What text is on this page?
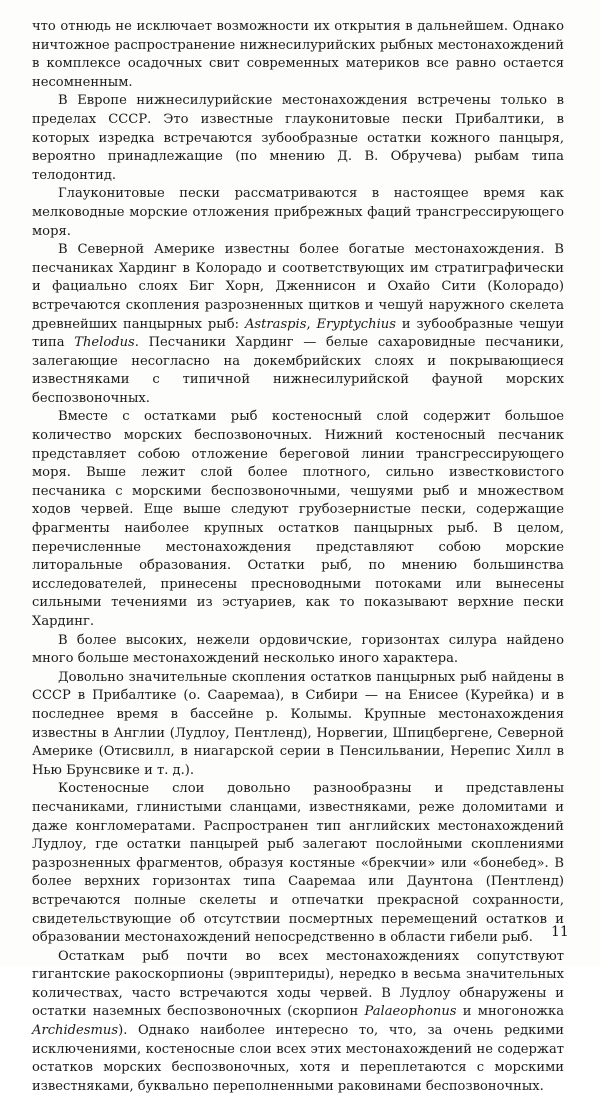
что отнюдь не исключает возможности их открытия в дальнейшем. Однако ничтожное распространение нижнесилурийских рыбных местонахождений в комплексе осадочных свит современных материков все равно остается несомненным.

В Европе нижнесилурийские местонахождения встречены только в пределах СССР. Это известные глауконитовые пески Прибалтики, в которых изредка встречаются зубообразные остатки кожного панцыря, вероятно принадлежащие (по мнению Д. В. Обручева) рыбам типа телодонтид.

Глауконитовые пески рассматриваются в настоящее время как мелководные морские отложения прибрежных фаций трансгрессирующего моря.

В Северной Америке известны более богатые местонахождения. В песчаниках Хардинг в Колорадо и соответствующих им стратиграфически и фациально слоях Биг Хорн, Дженнисон и Охайо Сити (Колорадо) встречаются скопления разрозненных щитков и чешуй наружного скелета древнейших панцырных рыб: Astraspis, Eryptychius и зубообразные чешуи типа Thelodus. Песчаники Хардинг — белые сахаровидные песчаники, залегающие несогласно на докембрийских слоях и покрывающиеся известняками с типичной нижнесилурийской фауной морских беспозвоночных.

Вместе с остатками рыб костеносный слой содержит большое количество морских беспозвоночных. Нижний костеносный песчаник представляет собою отложение береговой линии трансгрессирующего моря. Выше лежит слой более плотного, сильно известковистого песчаника с морскими беспозвоночными, чешуями рыб и множеством ходов червей. Еще выше следуют грубозернистые пески, содержащие фрагменты наиболее крупных остатков панцырных рыб. В целом, перечисленные местонахождения представляют собою морские литоральные образования. Остатки рыб, по мнению большинства исследователей, принесены пресноводными потоками или вынесены сильными течениями из эстуариев, как то показывают верхние пески Хардинг.

В более высоких, нежели ордовичские, горизонтах силура найдено много больше местонахождений несколько иного характера.

Довольно значительные скопления остатков панцырных рыб найдены в СССР в Прибалтике (о. Сааремаа), в Сибири — на Енисее (Курейка) и в последнее время в бассейне р. Колымы. Крупные местонахождения известны в Англии (Лудлоу, Пентленд), Норвегии, Шпицбергене, Северной Америке (Отисвилл, в ниагарской серии в Пенсильвании, Нерепис Хилл в Нью Брунсвике и т. д.).

Костеносные слои довольно разнообразны и представлены песчаниками, глинистыми сланцами, известняками, реже доломитами и даже конгломератами. Распространен тип английских местонахождений Лудлоу, где остатки панцырей рыб залегают послойными скоплениями разрозненных фрагментов, образуя костяные «брекчии» или «бонебед». В более верхних горизонтах типа Сааремаа или Даунтона (Пентленд) встречаются полные скелеты и отпечатки прекрасной сохранности, свидетельствующие об отсутствии посмертных перемещений остатков и образовании местонахождений непосредственно в области гибели рыб.

Остаткам рыб почти во всех местонахождениях сопутствуют гигантские ракоскорпионы (эвриптериды), нередко в весьма значительных количествах, часто встречаются ходы червей. В Лудлоу обнаружены и остатки наземных беспозвоночных (скорпион Palaeophonus и многоножка Archidesmus). Однако наиболее интересно то, что, за очень редкими исключениями, костеносные слои всех этих местонахождений не содержат остатков морских беспозвоночных, хотя и переплетаются с морскими известняками, буквально переполненными раковинами беспозвоночных.

11
